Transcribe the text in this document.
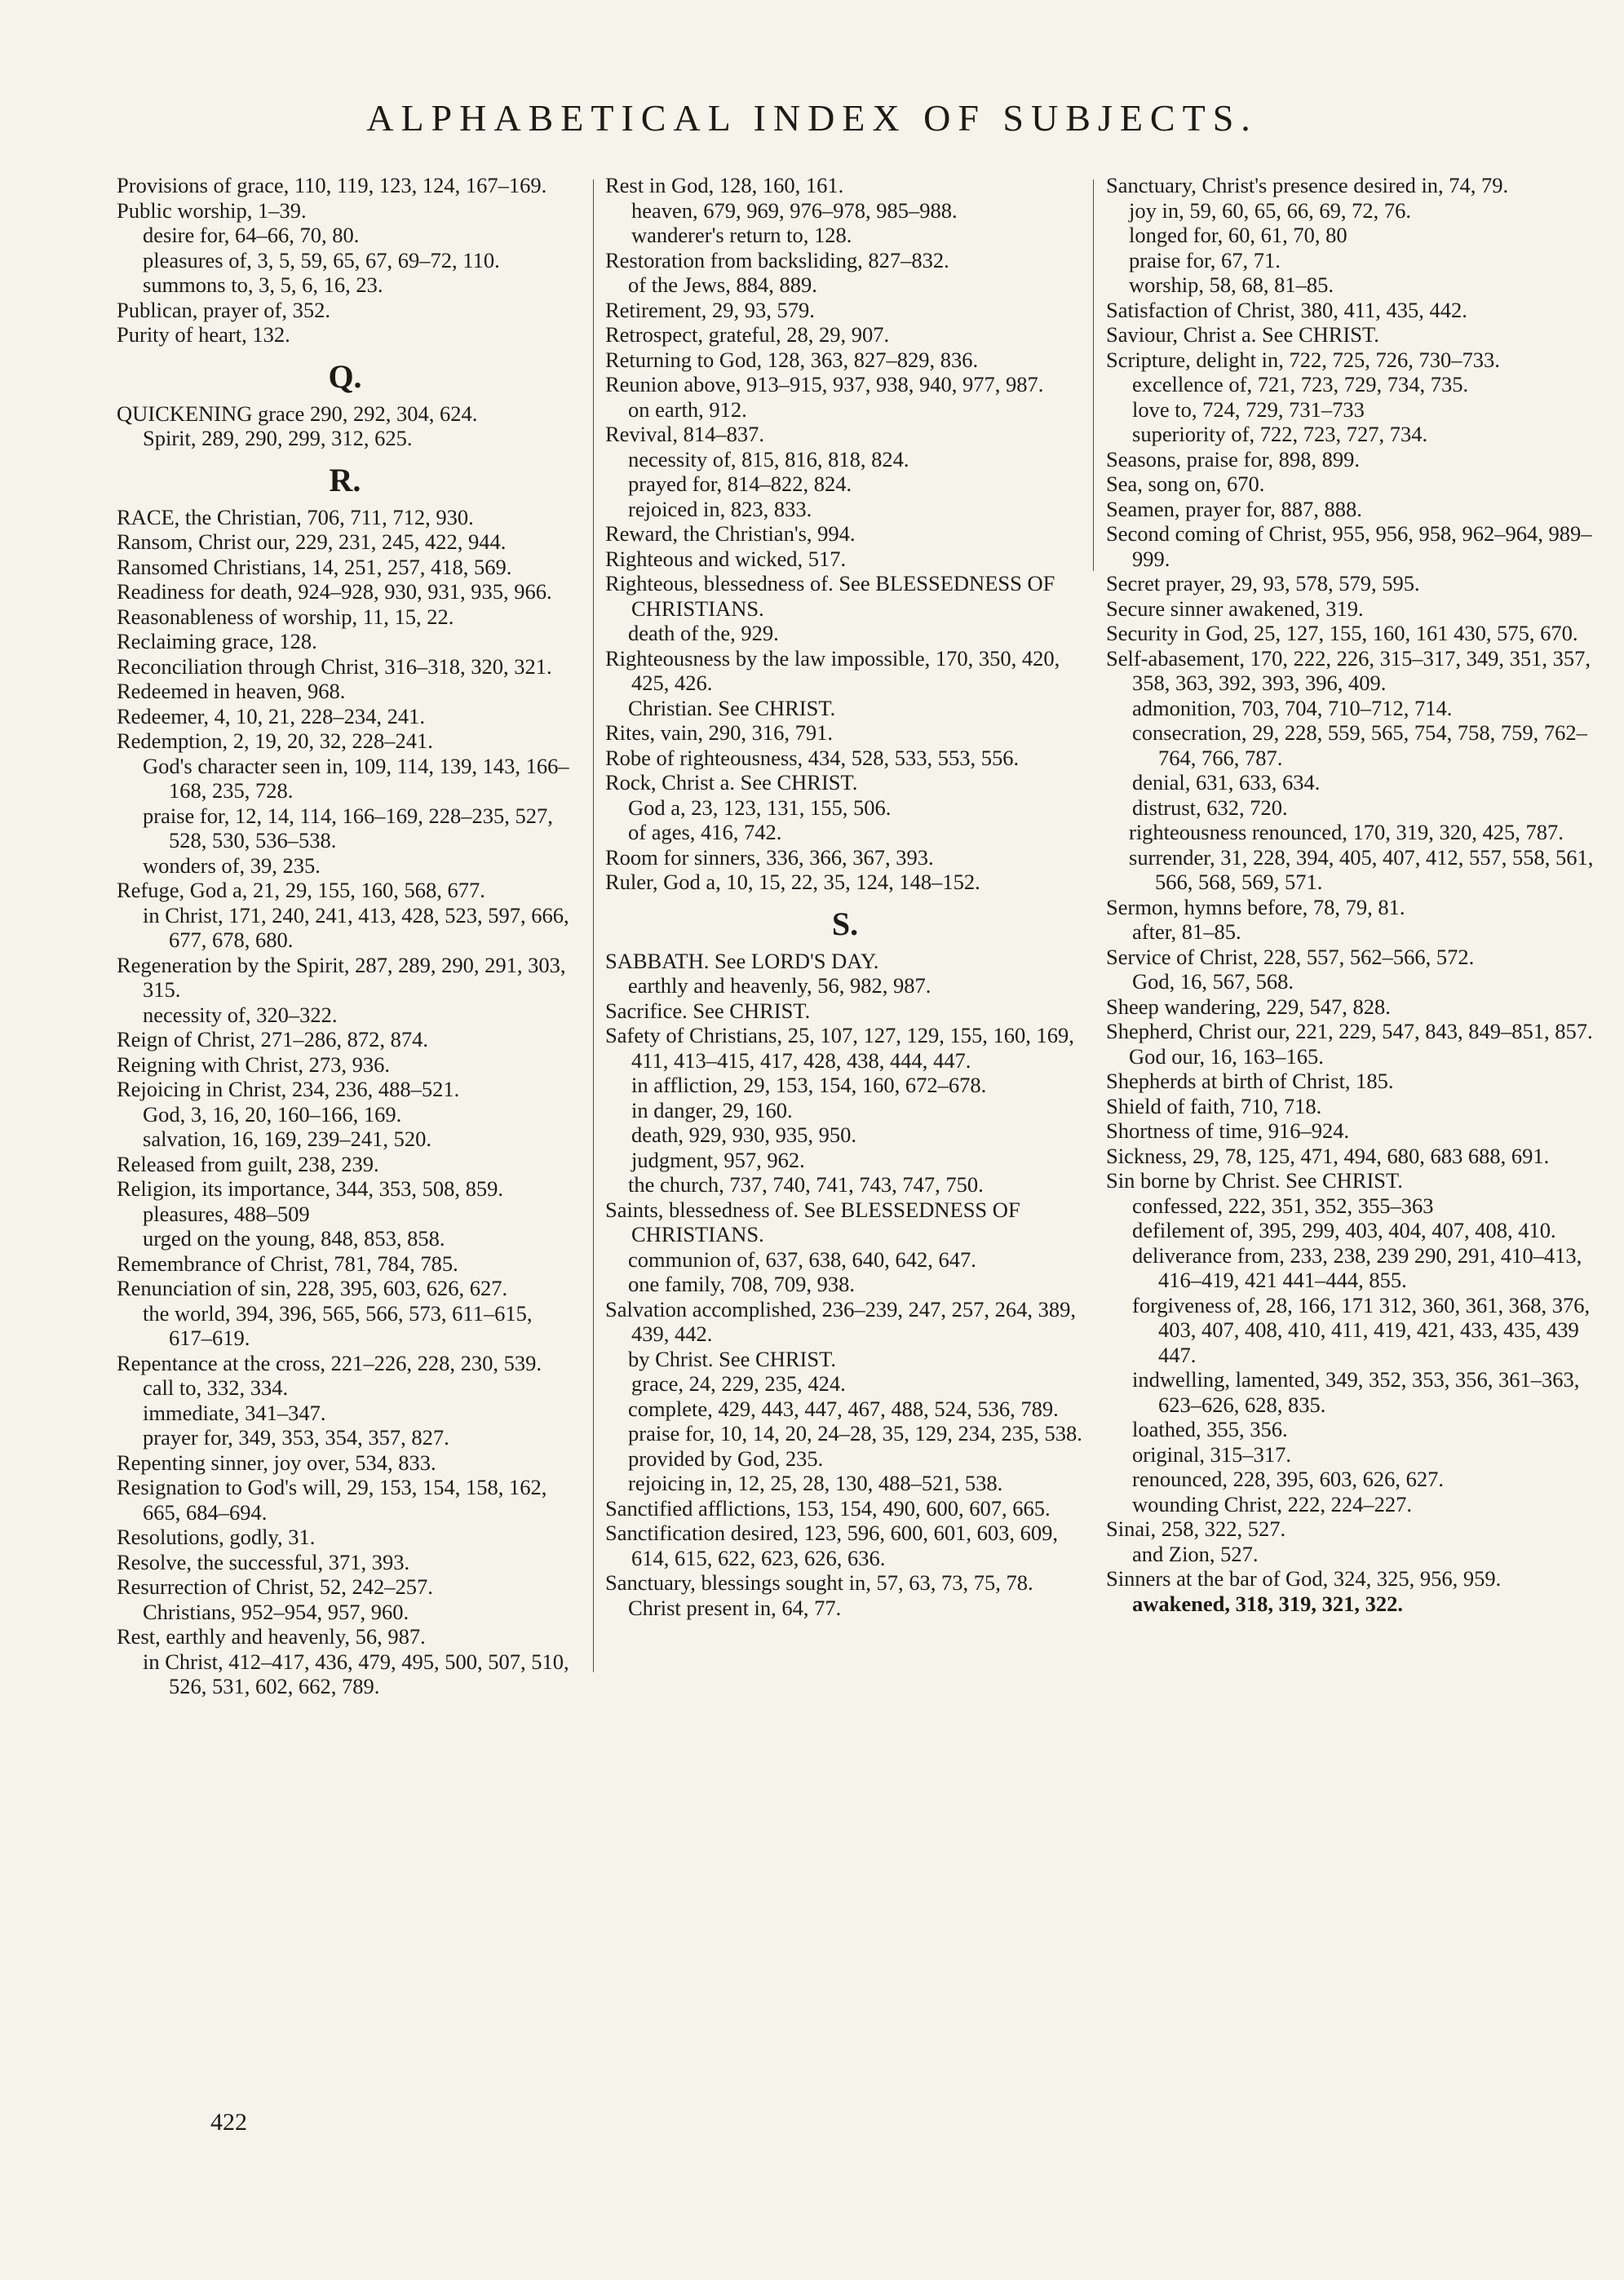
ALPHABETICAL INDEX OF SUBJECTS.
Provisions of grace, 110, 119, 123, 124, 167–169.
Public worship, 1–39.
desire for, 64–66, 70, 80.
pleasures of, 3, 5, 59, 65, 67, 69–72, 110.
summons to, 3, 5, 6, 16, 23.
Publican, prayer of, 352.
Purity of heart, 132.
Q.
QUICKENING grace 290, 292, 304, 624.
Spirit, 289, 290, 299, 312, 625.
R.
RACE, the Christian, 706, 711, 712, 930.
Ransom, Christ our, 229, 231, 245, 422, 944.
Ransomed Christians, 14, 251, 257, 418, 569.
Readiness for death, 924–928, 930, 931, 935, 966.
Reasonableness of worship, 11, 15, 22.
Reclaiming grace, 128.
Reconciliation through Christ, 316–318, 320, 321.
Redeemed in heaven, 968.
Redeemer, 4, 10, 21, 228–234, 241.
Redemption, 2, 19, 20, 32, 228–241.
God's character seen in, 109, 114, 139, 143, 166–168, 235, 728.
praise for, 12, 14, 114, 166–169, 228–235, 527, 528, 530, 536–538.
wonders of, 39, 235.
Refuge, God a, 21, 29, 155, 160, 568, 677.
in Christ, 171, 240, 241, 413, 428, 523, 597, 666, 677, 678, 680.
Regeneration by the Spirit, 287, 289, 290, 291, 303, 315.
necessity of, 320–322.
Reign of Christ, 271–286, 872, 874.
Reigning with Christ, 273, 936.
Rejoicing in Christ, 234, 236, 488–521.
God, 3, 16, 20, 160–166, 169.
salvation, 16, 169, 239–241, 520.
Released from guilt, 238, 239.
Religion, its importance, 344, 353, 508, 859.
pleasures, 488–509
urged on the young, 848, 853, 858.
Remembrance of Christ, 781, 784, 785.
Renunciation of sin, 228, 395, 603, 626, 627.
the world, 394, 396, 565, 566, 573, 611–615, 617–619.
Repentance at the cross, 221–226, 228, 230, 539.
call to, 332, 334.
immediate, 341–347.
prayer for, 349, 353, 354, 357, 827.
Repenting sinner, joy over, 534, 833.
Resignation to God's will, 29, 153, 154, 158, 162, 665, 684–694.
Resolutions, godly, 31.
Resolve, the successful, 371, 393.
Resurrection of Christ, 52, 242–257.
Christians, 952–954, 957, 960.
Rest, earthly and heavenly, 56, 987.
in Christ, 412–417, 436, 479, 495, 500, 507, 510, 526, 531, 602, 662, 789.
Rest in God, 128, 160, 161.
heaven, 679, 969, 976–978, 985–988.
wanderer's return to, 128.
Restoration from backsliding, 827–832.
of the Jews, 884, 889.
Retirement, 29, 93, 579.
Retrospect, grateful, 28, 29, 907.
Returning to God, 128, 363, 827–829, 836.
Reunion above, 913–915, 937, 938, 940, 977, 987.
on earth, 912.
Revival, 814–837.
necessity of, 815, 816, 818, 824.
prayed for, 814–822, 824.
rejoiced in, 823, 833.
Reward, the Christian's, 994.
Righteous and wicked, 517.
Righteous, blessedness of. See BLESSEDNESS OF CHRISTIANS.
death of the, 929.
Righteousness by the law impossible, 170, 350, 420, 425, 426.
Christian. See CHRIST.
Rites, vain, 290, 316, 791.
Robe of righteousness, 434, 528, 533, 553, 556.
Rock, Christ a. See CHRIST.
God a, 23, 123, 131, 155, 506.
of ages, 416, 742.
Room for sinners, 336, 366, 367, 393.
Ruler, God a, 10, 15, 22, 35, 124, 148–152.
S.
SABBATH. See LORD'S DAY.
earthly and heavenly, 56, 982, 987.
Sacrifice. See CHRIST.
Safety of Christians, 25, 107, 127, 129, 155, 160, 169, 411, 413–415, 417, 428, 438, 444, 447.
in affliction, 29, 153, 154, 160, 672–678.
in danger, 29, 160.
death, 929, 930, 935, 950.
judgment, 957, 962.
the church, 737, 740, 741, 743, 747, 750.
Saints, blessedness of. See BLESSEDNESS OF CHRISTIANS.
communion of, 637, 638, 640, 642, 647.
one family, 708, 709, 938.
Salvation accomplished, 236–239, 247, 257, 264, 389, 439, 442.
by Christ. See CHRIST.
grace, 24, 229, 235, 424.
complete, 429, 443, 447, 467, 488, 524, 536, 789.
praise for, 10, 14, 20, 24–28, 35, 129, 234, 235, 538.
provided by God, 235.
rejoicing in, 12, 25, 28, 130, 488–521, 538.
Sanctified afflictions, 153, 154, 490, 600, 607, 665.
Sanctification desired, 123, 596, 600, 601, 603, 609, 614, 615, 622, 623, 626, 636.
Sanctuary, blessings sought in, 57, 63, 73, 75, 78.
Christ present in, 64, 77.
Sanctuary, Christ's presence desired in, 74, 79.
joy in, 59, 60, 65, 66, 69, 72, 76.
longed for, 60, 61, 70, 80
praise for, 67, 71.
worship, 58, 68, 81–85.
Satisfaction of Christ, 380, 411, 435, 442.
Saviour, Christ a. See CHRIST.
Scripture, delight in, 722, 725, 726, 730–733.
excellence of, 721, 723, 729, 734, 735.
love to, 724, 729, 731–733
superiority of, 722, 723, 727, 734.
Seasons, praise for, 898, 899.
Sea, song on, 670.
Seamen, prayer for, 887, 888.
Second coming of Christ, 955, 956, 958, 962–964, 989–999.
Secret prayer, 29, 93, 578, 579, 595.
Secure sinner awakened, 319.
Security in God, 25, 127, 155, 160, 161 430, 575, 670.
Self-abasement, 170, 222, 226, 315–317, 349, 351, 357, 358, 363, 392, 393, 396, 409.
admonition, 703, 704, 710–712, 714.
consecration, 29, 228, 559, 565, 754, 758, 759, 762–764, 766, 787.
denial, 631, 633, 634.
distrust, 632, 720.
righteousness renounced, 170, 319, 320, 425, 787.
surrender, 31, 228, 394, 405, 407, 412, 557, 558, 561, 566, 568, 569, 571.
Sermon, hymns before, 78, 79, 81.
after, 81–85.
Service of Christ, 228, 557, 562–566, 572.
God, 16, 567, 568.
Sheep wandering, 229, 547, 828.
Shepherd, Christ our, 221, 229, 547, 843, 849–851, 857.
God our, 16, 163–165.
Shepherds at birth of Christ, 185.
Shield of faith, 710, 718.
Shortness of time, 916–924.
Sickness, 29, 78, 125, 471, 494, 680, 683 688, 691.
Sin borne by Christ. See CHRIST.
confessed, 222, 351, 352, 355–363
defilement of, 395, 299, 403, 404, 407, 408, 410.
deliverance from, 233, 238, 239 290, 291, 410–413, 416–419, 421 441–444, 855.
forgiveness of, 28, 166, 171 312, 360, 361, 368, 376, 403, 407, 408, 410, 411, 419, 421, 433, 435, 439 447.
indwelling, lamented, 349, 352, 353, 356, 361–363, 623–626, 628, 835.
loathed, 355, 356.
original, 315–317.
renounced, 228, 395, 603, 626, 627.
wounding Christ, 222, 224–227.
Sinai, 258, 322, 527.
and Zion, 527.
Sinners at the bar of God, 324, 325, 956, 959.
awakened, 318, 319, 321, 322.
422
